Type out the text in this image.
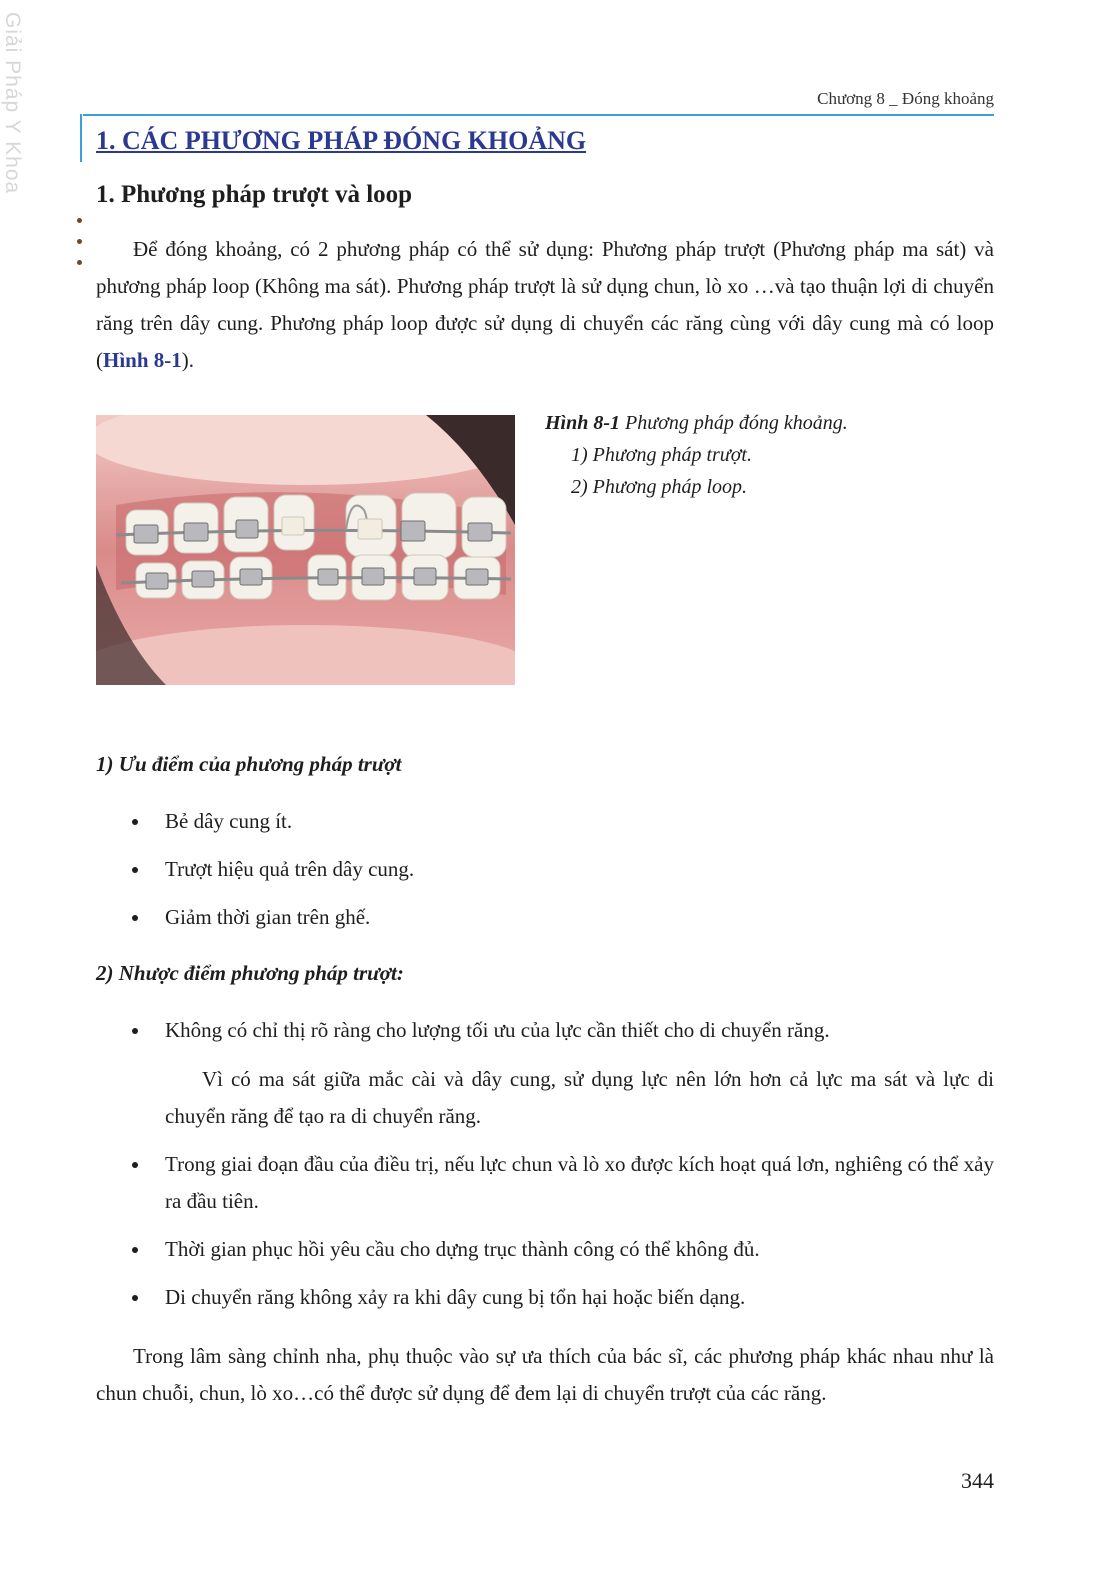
Giải Pháp Y Khoa	Chương 8 _ Đóng khoảng
1. CÁC PHƯƠNG PHÁP ĐÓNG KHOẢNG
1. Phương pháp trượt và loop

Để đóng khoảng, có 2 phương pháp có thể sử dụng: Phương pháp trượt (Phương pháp ma sát) và phương pháp loop (Không ma sát). Phương pháp trượt là sử dụng chun, lò xo …và tạo thuận lợi di chuyển răng trên dây cung. Phương pháp loop được sử dụng di chuyển các răng cùng với dây cung mà có loop (Hình 8-1).

Hình 8-1 Phương pháp đóng khoảng.
1) Phương pháp trượt.
2) Phương pháp loop.
1) Ưu điểm của phương pháp trượt
Bẻ dây cung ít.
Trượt hiệu quả trên dây cung.
Giảm thời gian trên ghế.
2) Nhược điểm phương pháp trượt:
Không có chỉ thị rõ ràng cho lượng tối ưu của lực cần thiết cho di chuyển răng.

Vì có ma sát giữa mắc cài và dây cung, sử dụng lực nên lớn hơn cả lực ma sát và lực di chuyển răng để tạo ra di chuyển răng.

Trong giai đoạn đầu của điều trị, nếu lực chun và lò xo được kích hoạt quá lơn, nghiêng có thể xảy ra đầu tiên.
Thời gian phục hồi yêu cầu cho dựng trục thành công có thể không đủ.
Di chuyển răng không xảy ra khi dây cung bị tổn hại hoặc biến dạng.

Trong lâm sàng chỉnh nha, phụ thuộc vào sự ưa thích của bác sĩ, các phương pháp khác nhau như là chun chuỗi, chun, lò xo…có thể được sử dụng để đem lại di chuyển trượt của các răng.

344
